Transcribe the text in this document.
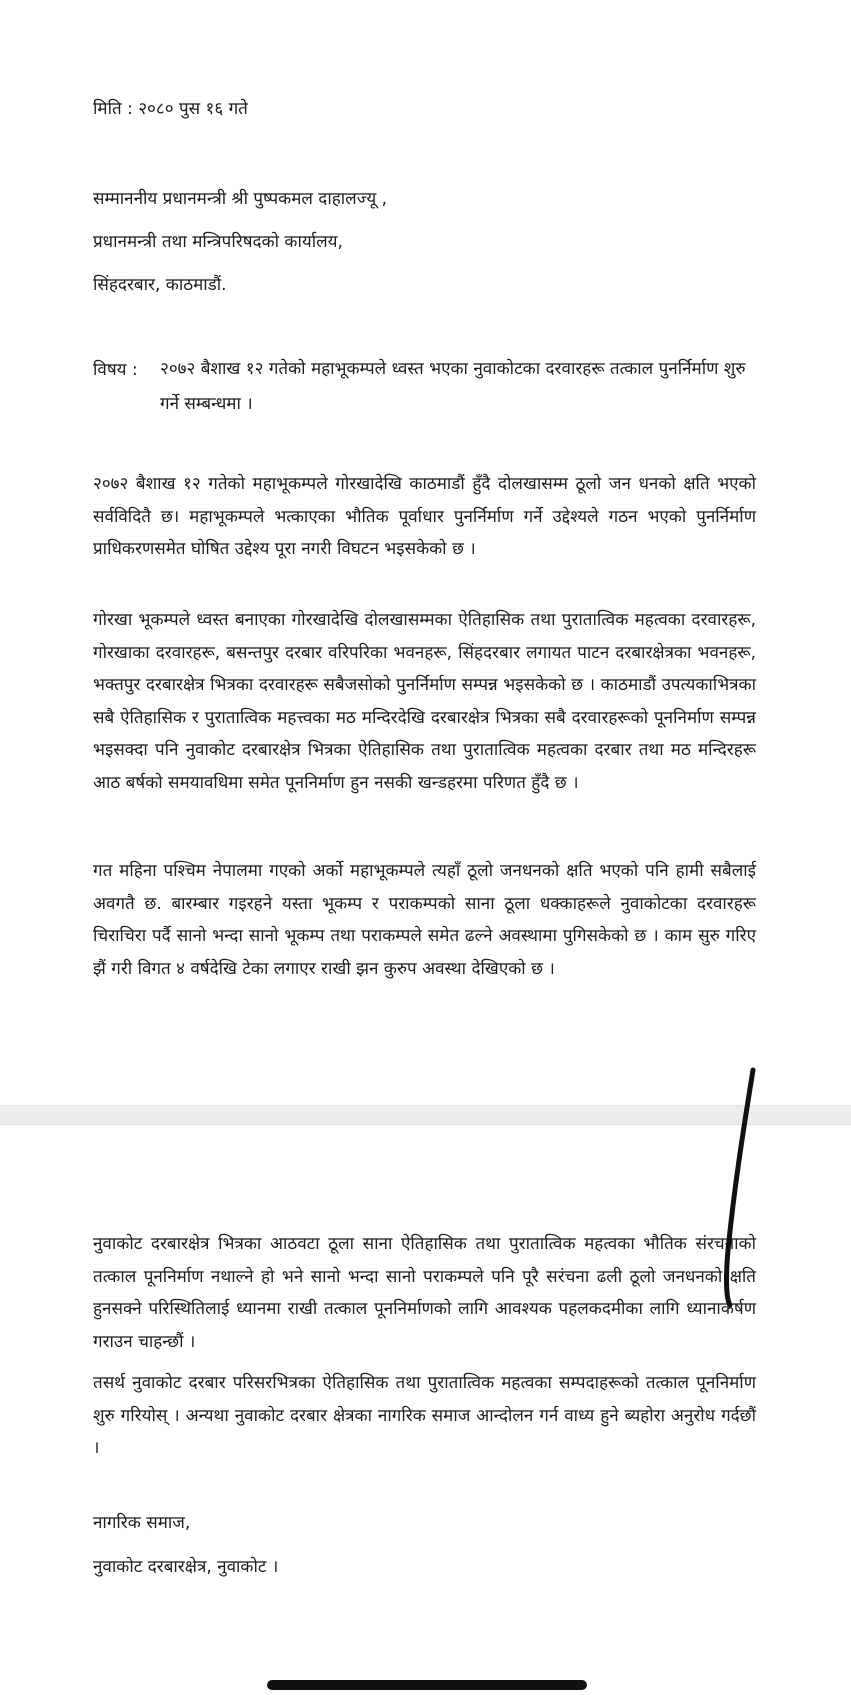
मिति : २०८० पुस १६ गते
सम्माननीय प्रधानमन्त्री श्री पुष्पकमल दाहालज्यू ,
प्रधानमन्त्री तथा मन्त्रिपरिषदको कार्यालय,
सिंहदरबार, काठमाडौं.
विषय : २०७२ बैशाख १२ गतेको महाभूकम्पले ध्वस्त भएका नुवाकोटका दरवारहरू तत्काल पुनर्निर्माण शुरु गर्ने सम्बन्धमा ।
२०७२ बैशाख १२ गतेको महाभूकम्पले गोरखादेखि काठमाडौं हुँदै दोलखासम्म ठूलो जन धनको क्षति भएको सर्वविदितै छ। महाभूकम्पले भत्काएका भौतिक पूर्वाधार पुनर्निर्माण गर्ने उद्देश्यले गठन भएको पुनर्निर्माण प्राधिकरणसमेत घोषित उद्देश्य पूरा नगरी विघटन भइसकेको छ ।
गोरखा भूकम्पले ध्वस्त बनाएका गोरखादेखि दोलखासम्मका ऐतिहासिक तथा पुरातात्विक महत्वका दरवारहरू, गोरखाका दरवारहरू, बसन्तपुर दरबार वरिपरिका भवनहरू, सिंहदरबार लगायत पाटन दरबारक्षेत्रका भवनहरू, भक्तपुर दरबारक्षेत्र भित्रका दरवारहरू सबैजसोको पुनर्निर्माण सम्पन्न भइसकेको छ । काठमाडौं उपत्यकाभित्रका सबै ऐतिहासिक र पुरातात्विक महत्त्वका मठ मन्दिरदेखि दरबारक्षेत्र भित्रका सबै दरवारहरूको पूननिर्माण सम्पन्न भइसक्दा पनि नुवाकोट दरबारक्षेत्र भित्रका ऐतिहासिक तथा पुरातात्विक महत्वका दरबार तथा मठ मन्दिरहरू आठ बर्षको समयावधिमा समेत पूननिर्माण हुन नसकी खन्डहरमा परिणत हुँदै छ ।
गत महिना पश्चिम नेपालमा गएको अर्को महाभूकम्पले त्यहाँ ठूलो जनधनको क्षति भएको पनि हामी सबैलाई अवगतै छ. बारम्बार गइरहने यस्ता भूकम्प र पराकम्पको साना ठूला धक्काहरूले नुवाकोटका दरवारहरू चिराचिरा पर्दै सानो भन्दा सानो भूकम्प तथा पराकम्पले समेत ढल्ने अवस्थामा पुगिसकेको छ । काम सुरु गरिए झैं गरी विगत ४ वर्षदेखि टेका लगाएर राखी झन कुरुप अवस्था देखिएको छ ।
नुवाकोट दरबारक्षेत्र भित्रका आठवटा ठूला साना ऐतिहासिक तथा पुरातात्विक महत्वका भौतिक संरचनाको तत्काल पूननिर्माण नथाल्ने हो भने सानो भन्दा सानो पराकम्पले पनि पूरै सरंचना ढली ठूलो जनधनको क्षति हुनसक्ने परिस्थितिलाई ध्यानमा राखी तत्काल पूननिर्माणको लागि आवश्यक पहलकदमीका लागि ध्यानाकर्षण गराउन चाहन्छौं ।
तसर्थ नुवाकोट दरबार परिसरभित्रका ऐतिहासिक तथा पुरातात्विक महत्वका सम्पदाहरूको तत्काल पूननिर्माण शुरु गरियोस् । अन्यथा नुवाकोट दरबार क्षेत्रका नागरिक समाज आन्दोलन गर्न वाध्य हुने ब्यहोरा अनुरोध गर्दछौं ।
नागरिक समाज,
नुवाकोट दरबारक्षेत्र, नुवाकोट ।
